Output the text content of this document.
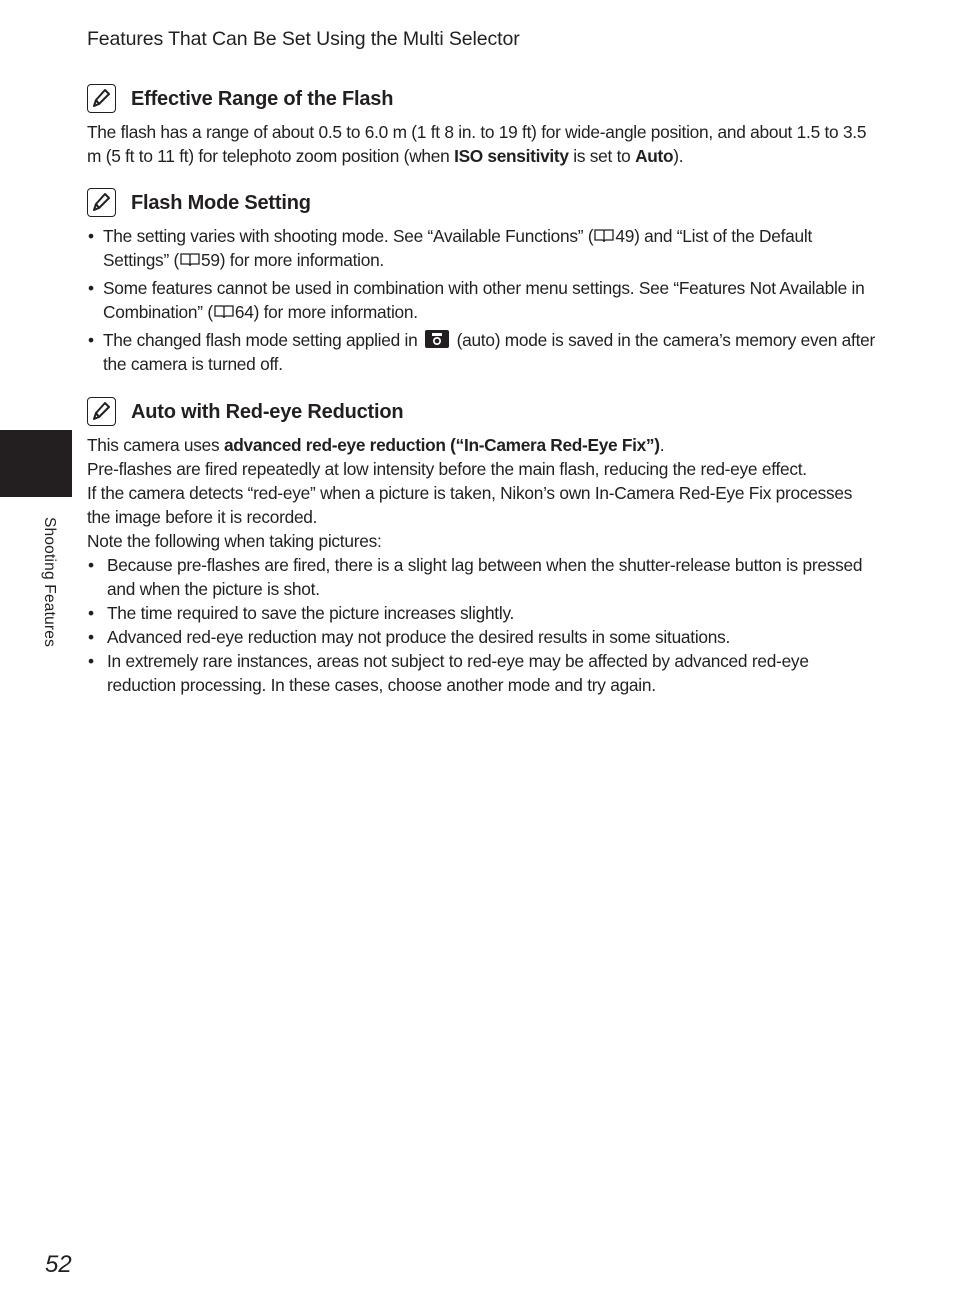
Features That Can Be Set Using the Multi Selector
Shooting Features
Effective Range of the Flash

The flash has a range of about 0.5 to 6.0 m (1 ft 8 in. to 19 ft) for wide-angle position, and about 1.5 to 3.5 m (5 ft to 11 ft) for telephoto zoom position (when ISO sensitivity is set to Auto).

Flash Mode Setting
• The setting varies with shooting mode. See “Available Functions” ( 49) and “List of the Default Settings” ( 59) for more information.
• Some features cannot be used in combination with other menu settings. See “Features Not Available in Combination” ( 64) for more information.
• The changed flash mode setting applied in  (auto) mode is saved in the camera’s memory even after the camera is turned off.
Auto with Red-eye Reduction

This camera uses advanced red-eye reduction (“In-Camera Red-Eye Fix”).

Pre-flashes are fired repeatedly at low intensity before the main flash, reducing the red-eye effect.

If the camera detects “red-eye” when a picture is taken, Nikon’s own In-Camera Red-Eye Fix processes the image before it is recorded.

Note the following when taking pictures:

• Because pre-flashes are fired, there is a slight lag between when the shutter-release button is pressed and when the picture is shot.
• The time required to save the picture increases slightly.
• Advanced red-eye reduction may not produce the desired results in some situations.
• In extremely rare instances, areas not subject to red-eye may be affected by advanced red-eye reduction processing. In these cases, choose another mode and try again.
52
